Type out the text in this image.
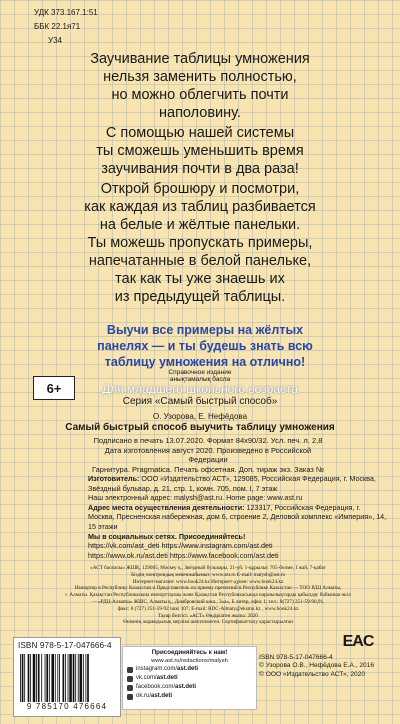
УДК 373.167.1:51
ББК 22.1я71
У34
Заучивание таблицы умножения
нельзя заменить полностью,
но можно облегчить почти
наполовину.
С помощью нашей системы
ты сможешь уменьшить время
заучивания почти в два раза!
Открой брошюру и посмотри,
как каждая из таблиц разбивается
на белые и жёлтые панельки.
Ты можешь пропускать примеры,
напечатанные в белой панельке,
так как ты уже знаешь их
из предыдущей таблицы.
Выучи все примеры на жёлтых
панелях — и ты будешь знать всю
таблицу умножения на отлично!
Справочное издание
анықтамалық басла
6+	Для младшего школьного возраста
Серия «Самый быстрый способ»
О. Узорова, Е. Нефёдова
Самый быстрый способ выучить таблицу умножения
Подписано в печать 13.07.2020. Формат 84х90/32. Усл. печ. л. 2,8
Дата изготовления август 2020. Произведено в Российской Федерации
Гарнитура. Pragmatica. Печать офсетная. Доп. тираж экз. Заказ №
Изготовитель: ООО «Издательство АСТ», 129085, Российская Федерация, г. Москва, Звёздный бульвар, д. 21, стр. 1, комн. 705, пом. I, 7 этаж
Наш электронный адрес: malysh@ast.ru. Home page: www.ast.ru
Адрес места осуществления деятельности: 123317, Российская Федерация, г. Москва, Пресненская набережная, дом 6, строение 2, Деловой комплекс «Империя», 14, 15 этажи
Мы в социальных сетях. Присоединяйтесь!
https://vk.com/ast_deti https://www.instagram.com/ast.deti
https://www.ok.ru/ast.deti https://www.facebook.com/ast.deti
«АСТ баспасы» ЖШҚ, 129085, Мәскеу қ., Звёздный бульвары, 21-үй, 1-құрылыс 705-бөлме, I жай, 7-қабат
Біздің электрондық мекенжайымыз: www.ast.ru E-mail: malysh@ast.ru
Интернет-магазин: www.book24.kz Интернет-дүкен: www.book24.kz
Импортер в Республику Казахстан и Представитель по приему претензий в Республике Казахстан — ТОО РДЦ Алматы,
г. Алматы. Қазақстан Республикасына импорттаушы және Қазақстан Республикасында наразылықтарды қабылдау бойынша өкіл
— «РДЦ-Алматы» ЖШС, Алматы қ., Домбровский көш., 3«а», Б литер, офис 1; тел.: 8(727) 251-59-90,91,
факс: 8 (727) 251-59-92 ішкі 107; E-mail: RDC-Almaty@eksmo.kz , www.book24.kz
Тауар белгісі: «АСТ» Өндірілген жылы: 2020
Өнімнің жарамдылық мерзімі шектелмеген. Сертификатталу қарастырылған
ISBN 978-5-17-047666-4
9 785170 476664
Присоединяйтесь к нам!
www.ast.ru/redactions/malysh
instagram.com/ ast.deti
vk.com/ ast.deti
facebook.com/ ast.deti
ok.ru/ ast.deti
EAC
ISBN 978-5-17-047666-4
© Узорова О.В., Нефёдова Е.А., 2016
© ООО «Издательство АСТ», 2020
